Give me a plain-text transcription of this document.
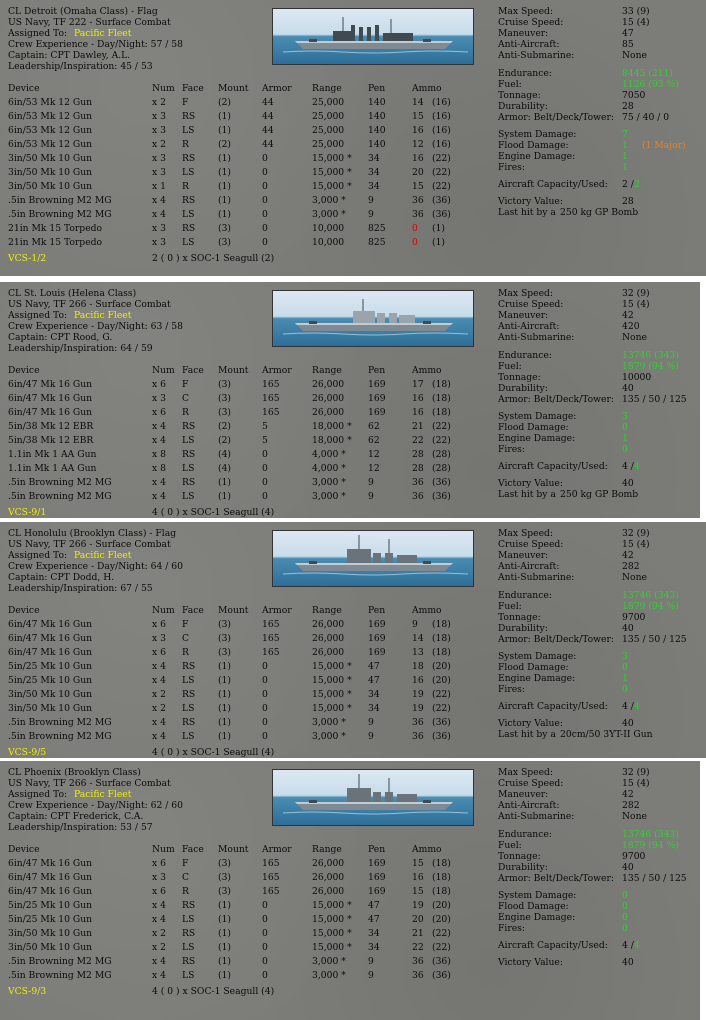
CL Detroit (Omaha Class) - Flag
US Navy, TF 222 - Surface Combat
Assigned To: Pacific Fleet
Crew Experience - Day/Night: 57 / 58
Captain: CPT Dawley, A.L.
Leadership/Inspiration: 45 / 53
Device	Num Face Mount Armor Range	Pen	Ammo
6in/53 Mk 12 Gun	x 2 F	(2)	44	25,000	140	14 (16)
6in/53 Mk 12 Gun	x 3 RS (1)	44	25,000	140	15 (16)
6in/53 Mk 12 Gun	x 3 LS	(1)	44	25,000	140	16 (16)
6in/53 Mk 12 Gun	x 2 R	(2)	44	25,000	140	12 (16)
3in/50 Mk 10 Gun	x 3 RS (1)	0	15,000 * 34	16 (22)
3in/50 Mk 10 Gun	x 3 LS	(1)	0	15,000 * 34	20 (22)
3in/50 Mk 10 Gun	x 1 R	(1)	0	15,000 * 34	15 (22)
.5in Browning M2 MG	x 4 RS (1)	0	3,000 * 9	36 (36)
.5in Browning M2 MG	x 4 LS	(1)	0	3,000 * 9	36 (36)
21in Mk 15 Torpedo	x 3 RS (3)	0	10,000	825	0 (1)
21in Mk 15 Torpedo	x 3 LS	(3)	0	10,000	825	0 (1)
VCS-1/2	2 ( 0 ) x SOC-1 Seagull (2)
Max Speed:	33 (9)
Cruise Speed:	15 (4)
Maneuver:	47
Anti-Aircraft:	85
Anti-Submarine:	None
Endurance:	8445 (211)
Fuel:	1126 (93 %)
Tonnage:	7050
Durability:	28
Armor: Belt/Deck/Tower: 75 / 40 / 0
System Damage:	7
Flood Damage:	1 (1 Major)
Engine Damage:	1
Fires:	1
Aircraft Capacity/Used: 2 / 2
Victory Value:	28
Last hit by a 250 kg GP Bomb
CL St. Louis (Helena Class)
US Navy, TF 266 - Surface Combat
Assigned To: Pacific Fleet
Crew Experience - Day/Night: 63 / 58
Captain: CPT Rood, G.
Leadership/Inspiration: 64 / 59
Device	Num Face Mount Armor Range	Pen	Ammo
6in/47 Mk 16 Gun	x 6 F	(3)	165	26,000	169	17 (18)
6in/47 Mk 16 Gun	x 3 C	(3)	165	26,000	169	16 (18)
6in/47 Mk 16 Gun	x 6 R	(3)	165	26,000	169	16 (18)
5in/38 Mk 12 EBR	x 4 RS (2)	5	18,000 * 62	21 (22)
5in/38 Mk 12 EBR	x 4 LS	(2)	5	18,000 * 62	22 (22)
1.1in Mk 1 AA Gun	x 8 RS (4)	0	4,000 * 12	28 (28)
1.1in Mk 1 AA Gun	x 8 LS	(4)	0	4,000 * 12	28 (28)
.5in Browning M2 MG	x 4 RS (1)	0	3,000 * 9	36 (36)
.5in Browning M2 MG	x 4 LS	(1)	0	3,000 * 9	36 (36)
VCS-9/1	4 ( 0 ) x SOC-1 Seagull (4)
Max Speed:	32 (9)
Cruise Speed:	15 (4)
Maneuver:	42
Anti-Aircraft:	420
Anti-Submarine:	None
Endurance:	13746 (343)
Fuel:	1879 (94 %)
Tonnage:	10000
Durability:	40
Armor: Belt/Deck/Tower: 135 / 50 / 125
System Damage:	3
Flood Damage:	0
Engine Damage:	1
Fires:	0
Aircraft Capacity/Used: 4 / 4
Victory Value:	40
Last hit by a 250 kg GP Bomb
CL Honolulu (Brooklyn Class) - Flag
US Navy, TF 266 - Surface Combat
Assigned To: Pacific Fleet
Crew Experience - Day/Night: 64 / 60
Captain: CPT Dodd, H.
Leadership/Inspiration: 67 / 55
Device	Num Face Mount Armor Range	Pen	Ammo
6in/47 Mk 16 Gun	x 6 F	(3)	165	26,000	169	9 (18)
6in/47 Mk 16 Gun	x 3 C	(3)	165	26,000	169	14 (18)
6in/47 Mk 16 Gun	x 6 R	(3)	165	26,000	169	13 (18)
5in/25 Mk 10 Gun	x 4 RS (1)	0	15,000 * 47	18 (20)
5in/25 Mk 10 Gun	x 4 LS	(1)	0	15,000 * 47	16 (20)
3in/50 Mk 10 Gun	x 2 RS (1)	0	15,000 * 34	19 (22)
3in/50 Mk 10 Gun	x 2 LS	(1)	0	15,000 * 34	19 (22)
.5in Browning M2 MG	x 4 RS (1)	0	3,000 * 9	36 (36)
.5in Browning M2 MG	x 4 LS	(1)	0	3,000 * 9	36 (36)
VCS-9/5	4 ( 0 ) x SOC-1 Seagull (4)
Max Speed:	32 (9)
Cruise Speed:	15 (4)
Maneuver:	42
Anti-Aircraft:	282
Anti-Submarine:	None
Endurance:	13746 (343)
Fuel:	1879 (94 %)
Tonnage:	9700
Durability:	40
Armor: Belt/Deck/Tower: 135 / 50 / 125
System Damage:	3
Flood Damage:	0
Engine Damage:	1
Fires:	0
Aircraft Capacity/Used: 4 / 4
Victory Value:	40
Last hit by a 20cm/50 3YT-II Gun
CL Phoenix (Brooklyn Class)
US Navy, TF 266 - Surface Combat
Assigned To: Pacific Fleet
Crew Experience - Day/Night: 62 / 60
Captain: CPT Frederick, C.A.
Leadership/Inspiration: 53 / 57
Device	Num Face Mount Armor Range	Pen	Ammo
6in/47 Mk 16 Gun	x 6 F	(3)	165	26,000	169	15 (18)
6in/47 Mk 16 Gun	x 3 C	(3)	165	26,000	169	16 (18)
6in/47 Mk 16 Gun	x 6 R	(3)	165	26,000	169	15 (18)
5in/25 Mk 10 Gun	x 4 RS (1)	0	15,000 * 47	19 (20)
5in/25 Mk 10 Gun	x 4 LS	(1)	0	15,000 * 47	20 (20)
3in/50 Mk 10 Gun	x 2 RS (1)	0	15,000 * 34	21 (22)
3in/50 Mk 10 Gun	x 2 LS	(1)	0	15,000 * 34	22 (22)
.5in Browning M2 MG	x 4 RS (1)	0	3,000 * 9	36 (36)
.5in Browning M2 MG	x 4 LS	(1)	0	3,000 * 9	36 (36)
VCS-9/3	4 ( 0 ) x SOC-1 Seagull (4)
Max Speed:	32 (9)
Cruise Speed:	15 (4)
Maneuver:	42
Anti-Aircraft:	282
Anti-Submarine:	None
Endurance:	13746 (343)
Fuel:	1879 (94 %)
Tonnage:	9700
Durability:	40
Armor: Belt/Deck/Tower: 135 / 50 / 125
System Damage:	0
Flood Damage:	0
Engine Damage:	0
Fires:	0
Aircraft Capacity/Used: 4 / 4
Victory Value:	40
